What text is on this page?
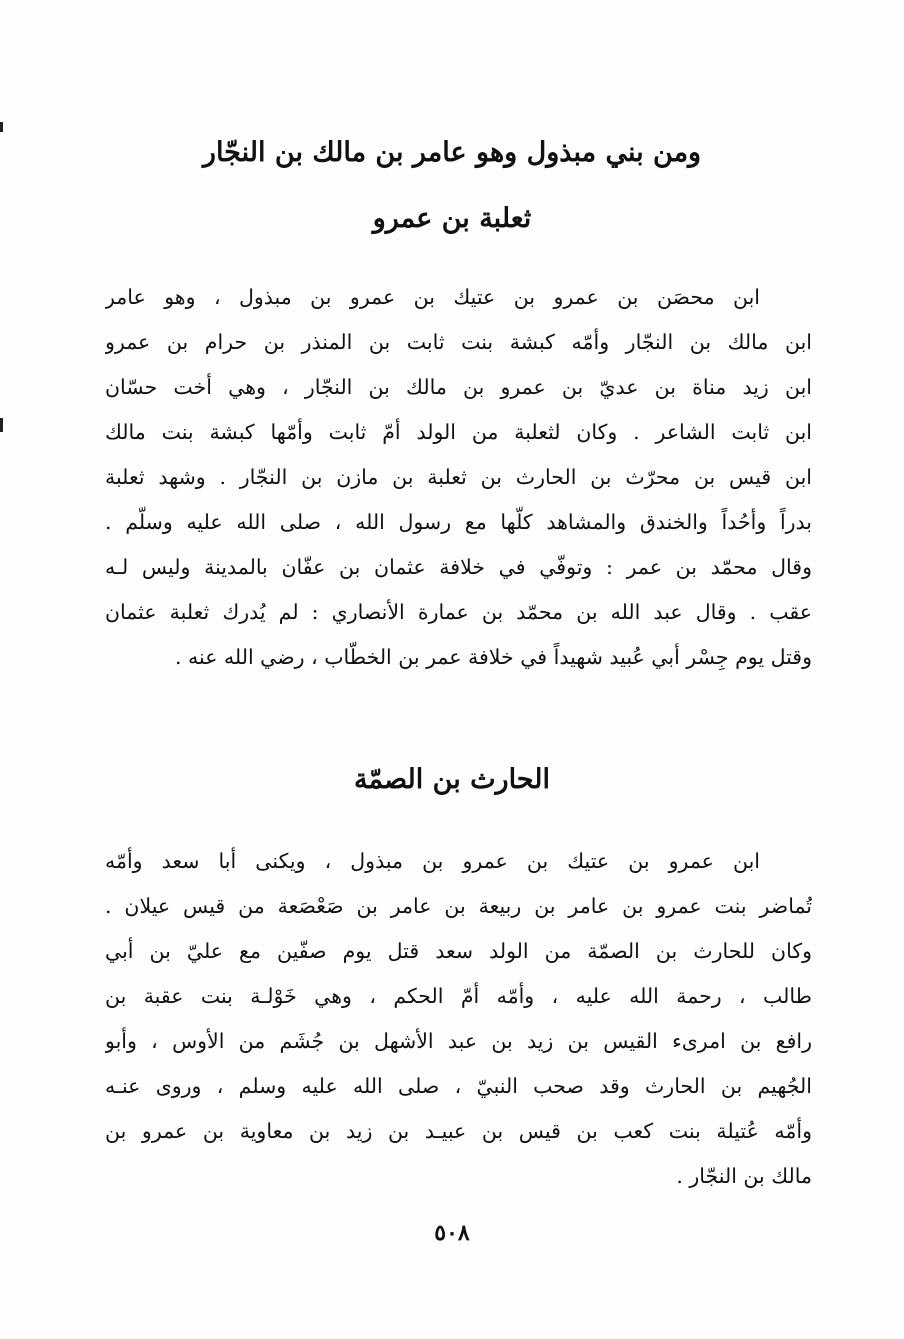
ومن بني مبذول وهو عامر بن مالك بن النجّار
ثعلبة بن عمرو
ابن محصَن بن عمرو بن عتيك بن عمرو بن مبذول ، وهو عامر
ابن مالك بن النجّار وأمّه كبشة بنت ثابت بن المنذر بن حرام بن عمرو
ابن زيد مناة بن عديّ بن عمرو بن مالك بن النجّار ، وهي أخت حسّان
ابن ثابت الشاعر . وكان لثعلبة من الولد أمّ ثابت وأمّها كبشة بنت مالك
ابن قيس بن محرّث بن الحارث بن ثعلبة بن مازن بن النجّار . وشهد ثعلبة
بدراً وأحُداً والخندق والمشاهد كلّها مع رسول الله ، صلى الله عليه وسلّم .
وقال محمّد بن عمر : وتوفّي في خلافة عثمان بن عفّان بالمدينة وليس لـه
عقب . وقال عبد الله بن محمّد بن عمارة الأنصاري : لم يُدرك ثعلبة عثمان
وقتل يوم جِسْر أبي عُبيد شهيداً في خلافة عمر بن الخطّاب ، رضي الله عنه .
الحارث بن الصمّة
ابن عمرو بن عتيك بن عمرو بن مبذول ، ويكنى أبا سعد وأمّه
تُماضر بنت عمرو بن عامر بن ربيعة بن عامر بن صَعْصَعة من قيس عيلان .
وكان للحارث بن الصمّة من الولد سعد قتل يوم صفّين مع عليّ بن أبي
طالب ، رحمة الله عليه ، وأمّه أمّ الحكم ، وهي خَوْلـة بنت عقبة بن
رافع بن امرىء القيس بن زيد بن عبد الأشهل بن جُشَم من الأوس ، وأبو
الجُهيم بن الحارث وقد صحب النبيّ ، صلى الله عليه وسلم ، وروى عنـه
وأمّه عُتيلة بنت كعب بن قيس بن عبيـد بن زيد بن معاوية بن عمرو بن
مالك بن النجّار .
٥٠٨
